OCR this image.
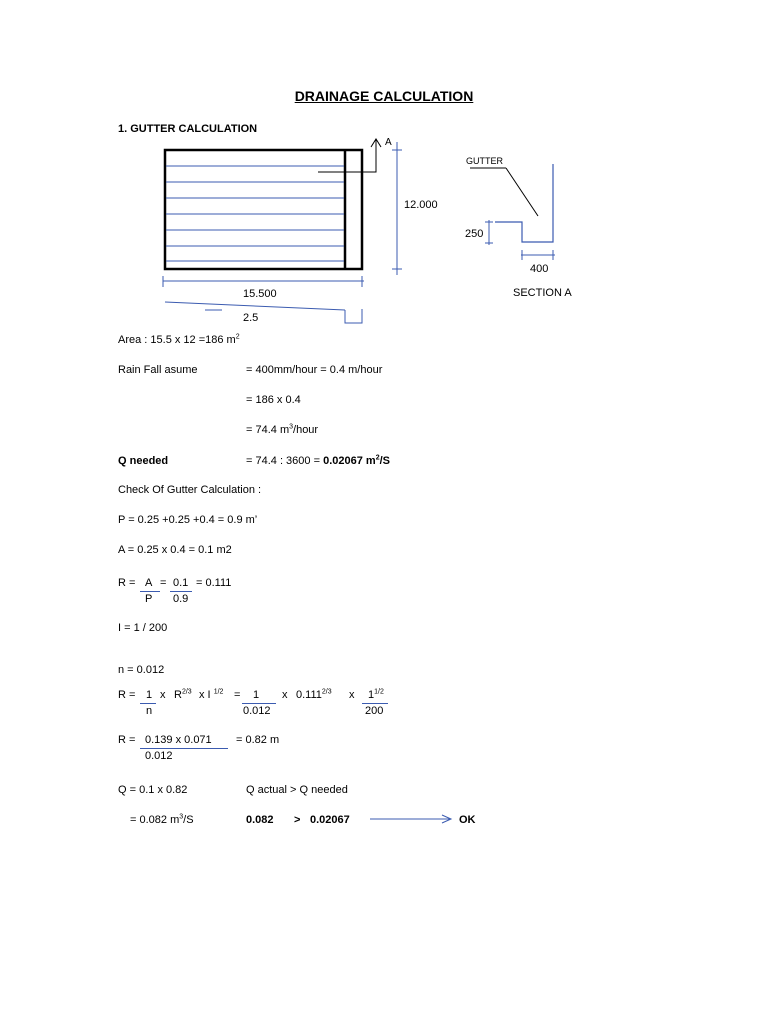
DRAINAGE CALCULATION
1. GUTTER CALCULATION
A
12.000
15.500
2.5
GUTTER
250
400
SECTION A
Area : 15.5 x 12 =186 $m^2$
Rain Fall asume	= 400mm/hour = 0.4 m/hour
= 186 x 0.4
= 74.4 $m^3$/hour
Q needed	= 74.4 : 3600 = 0.02067 $m^2/S$
Check Of Gutter Calculation :
P = 0.25 +0.25 +0.4 = 0.9 m’
A = 0.25 x 0.4 = 0.1 m2
R = A
P
= 0.1
0.9
= 0.111
I = 1 / 200
n = 0.012
R = 1
n
x $R^{2/3}$ x I $^{1/2}$ = 1
0.012
x $0.111^{2/3}$ x $1^{1/2}$
200
R = 0.139 x 0.071
0.012
= 0.82 m
Q = 0.1 x 0.82	Q actual > Q needed
= 0.082 $m^3/S$	0.082 > 0.02067	OK
